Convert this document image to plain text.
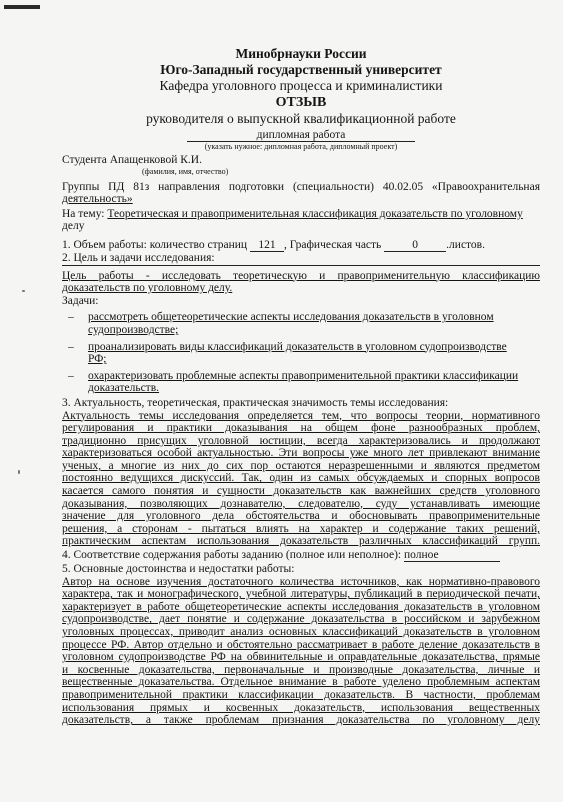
Минобрнауки России
Юго-Западный государственный университет
Кафедра уголовного процесса и криминалистики
ОТЗЫВ
руководителя о выпускной квалификационной работе
дипломная работа
(указать нужное: дипломная работа, дипломный проект)
Студента Апащенковой К.И.
(фамилия, имя, отчество)
Группы ПД 81з направления подготовки (специальности) 40.02.05 «Правоохранительная
деятельность»
На тему: Теоретическая и правоприменительная классификация доказательств по уголовному
делу
1. Объем работы: количество страниц 121 , Графическая часть	0 .листов.
2. Цель и задачи исследования:
Цель работы - исследовать теоретическую и правоприменительную классификацию
доказательств по уголовному делу.
Задачи:
– рассмотреть общетеоретические аспекты исследования доказательств в уголовном
судопроизводстве;
– проанализировать виды классификаций доказательств в уголовном судопроизводстве
РФ;
– охарактеризовать проблемные аспекты правоприменительной практики классификации
доказательств.
3. Актуальность, теоретическая, практическая значимость темы исследования:
Актуальность темы исследования определяется тем, что вопросы теории, нормативного
регулирования и практики доказывания на общем фоне разнообразных проблем,
традиционно присущих уголовной юстиции, всегда характеризовались и продолжают
характеризоваться особой актуальностью. Эти вопросы уже много лет привлекают внимание
ученых, а многие из них до сих пор остаются неразрешенными и являются предметом
постоянно ведущихся дискуссий. Так, один из самых обсуждаемых и спорных вопросов
касается самого понятия и сущности доказательств как важнейших средств уголовного
доказывания, позволяющих дознавателю, следователю, суду устанавливать имеющие
значение для уголовного дела обстоятельства и обосновывать правоприменительные
решения, а сторонам - пытаться влиять на характер и содержание таких решений,
практическим аспектам использования доказательств различных классификаций групп.
4. Соответствие содержания работы заданию (полное или неполное): полное
5. Основные достоинства и недостатки работы:
Автор на основе изучения достаточного количества источников, как нормативно-правового
характера, так и монографического, учебной литературы, публикаций в периодической печати,
характеризует в работе общетеоретические аспекты исследования доказательств в уголовном
судопроизводстве, дает понятие и содержание доказательства в российском и зарубежном
уголовных процессах, приводит анализ основных классификаций доказательств в уголовном
процессе РФ. Автор отдельно и обстоятельно рассматривает в работе деление доказательств в
уголовном судопроизводстве РФ на обвинительные и оправдательные доказательства, прямые
и косвенные доказательства, первоначальные и производные доказательства, личные и
вещественные доказательства. Отдельное внимание в работе уделено проблемным аспектам
правоприменительной практики классификации доказательств. В частности, проблемам
использования прямых и косвенных доказательств, использования вещественных
доказательств, а также проблемам признания доказательства по уголовному делу
